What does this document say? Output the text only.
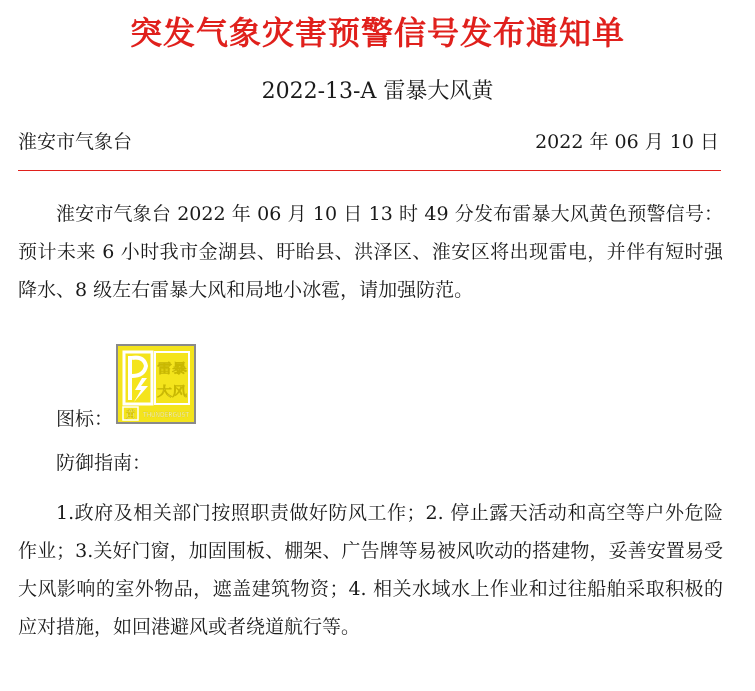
突发气象灾害预警信号发布通知单
2022-13-A 雷暴大风黄
淮安市气象台	2022 年 06 月 10 日
淮安市气象台 2022 年 06 月 10 日 13 时 49 分发布雷暴大风黄色预警信号：预计未来 6 小时我市金湖县、盱眙县、洪泽区、淮安区将出现雷电，并伴有短时强降水、8 级左右雷暴大风和局地小冰雹，请加强防范。
雷暴
大风
黄 THUNDERGUST
图标：
防御指南：
1.政府及相关部门按照职责做好防风工作；2. 停止露天活动和高空等户外危险作业；3.关好门窗，加固围板、棚架、广告牌等易被风吹动的搭建物，妥善安置易受大风影响的室外物品，遮盖建筑物资；4. 相关水域水上作业和过往船舶采取积极的应对措施，如回港避风或者绕道航行等。
